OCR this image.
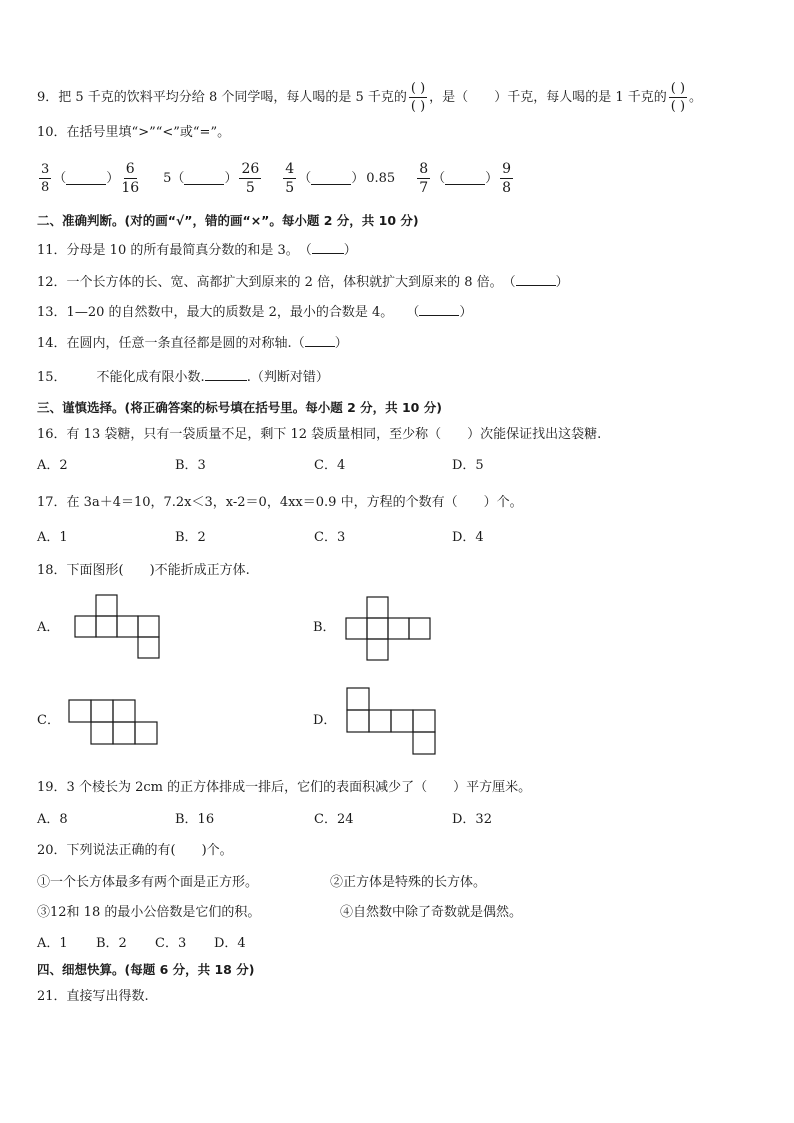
9．把 5 千克的饮料平均分给 8 个同学喝，每人喝的是 5 千克的 $\frac{( )}{( )}$ ，是（ ）千克，每人喝的是 1 千克的 $\frac{( )}{( )}$ 。
10．在括号里填“>”“<”或“=”。
$\frac{3}{8}$ （	） $\frac{6}{16} 5$ （	） $\frac{26}{5} \frac{4}{5}$ （	） $0.85 \frac{8}{7}$ （	） $\frac{9}{8}$
二、准确判断。(对的画“√”，错的画“×”。每小题 2 分，共 10 分)
11．分母是 10 的所有最简真分数的和是 3。　 （ ）
12．一个长方体的长、宽、高都扩大到原来的 2 倍，体积就扩大到原来的 8 倍。　 （	）
13．1—20 的自然数中，最大的质数是 2，最小的合数是 4。　　 （	）
14．在圆内，任意一条直径都是圆的对称轴.（ ）
15． 不能化成有限小数.	.（判断对错）
三、谨慎选择。(将正确答案的标号填在括号里。每小题 2 分，共 10 分)
16．有 13 袋糖，只有一袋质量不足，剩下 12 袋质量相同，至少称（　　）次能保证找出这袋糖.
A．2	B．3	C．4	D．5
17．在 3a＋4＝10，7.2x＜3，x-2＝0，4xx＝0.9 中，方程的个数有（　　）个。
A．1	B．2	C．3	D．4
18．下面图形(　　)不能折成正方体.
A．	B．
C．	D．
19．3 个棱长为 2cm 的正方体排成一排后，它们的表面积减少了（　　）平方厘米。
A．8	B．16	C．24	D．32
20．下列说法正确的有(　　)个。
①一个长方体最多有两个面是正方形。	②正方体是特殊的长方体。
③12和 18 的最小公倍数是它们的积。	④自然数中除了奇数就是偶然。
A．1 B．2 C．3 D．4
四、细想快算。(每题 6 分，共 18 分)
21．直接写出得数.
